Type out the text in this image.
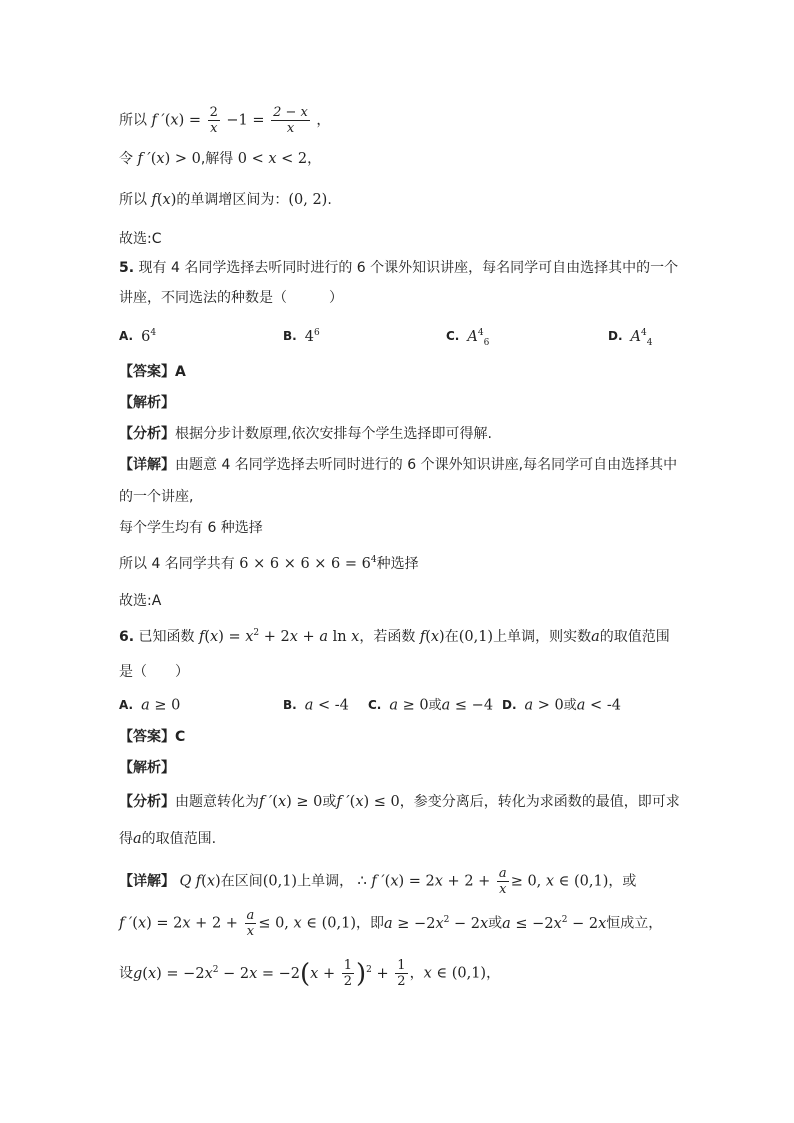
所以 f $'(x) = \frac{2}{x} -1 = \frac{2 - x}{x}$ ，
令 f ′(x) > 0,解得 0 < x < 2，
所以 f(x)的单调增区间为：(0, 2).
故选:C
5. 现有 4 名同学选择去听同时进行的 6 个课外知识讲座，每名同学可自由选择其中的一个
讲座，不同选法的种数是（　　　）
A. $6^4$	B. $4^6$	C. $A^4_6$	D. $A^4_4$
【答案】A
【解析】
【分析】根据分步计数原理,依次安排每个学生选择即可得解.
【详解】由题意 4 名同学选择去听同时进行的 6 个课外知识讲座,每名同学可自由选择其中
的一个讲座,
每个学生均有 6 种选择
所以 4 名同学共有 $6 \times 6 \times 6 \times 6 = 6^4$种选择
故选:A
6. 已知函数 $f(x) = x^2 + 2x + a$ ln x，若函数 f(x)在(0,1)上单调，则实数a的取值范围
是（　　）
A. a ≥ 0	B. a < -4 C. a ≥ 0或a ≤ −4 D. a > 0或a < -4
【答案】C
【解析】
【分析】由题意转化为f ′(x) ≥ 0或f ′(x) ≤ 0，参变分离后，转化为求函数的最值，即可求
得a的取值范围.
【详解】 Q f(x)在区间(0,1)上单调， ∴ f $'(x) = 2x + 2 + \frac{a}{x} \ge 0$, x ∈ (0,1)，或
f $'(x) = 2x + 2 + \frac{a}{x} \le 0$, x ∈ (0,1)，即$a \ge -2x^2 - 2x$或$a \le -2x^2 - 2x$恒成立，
设$g(x) = -2x^2 - 2x = -2(x + \frac{1}{2} )^2 + \frac{1}{2}$ ，x ∈ (0,1)，
